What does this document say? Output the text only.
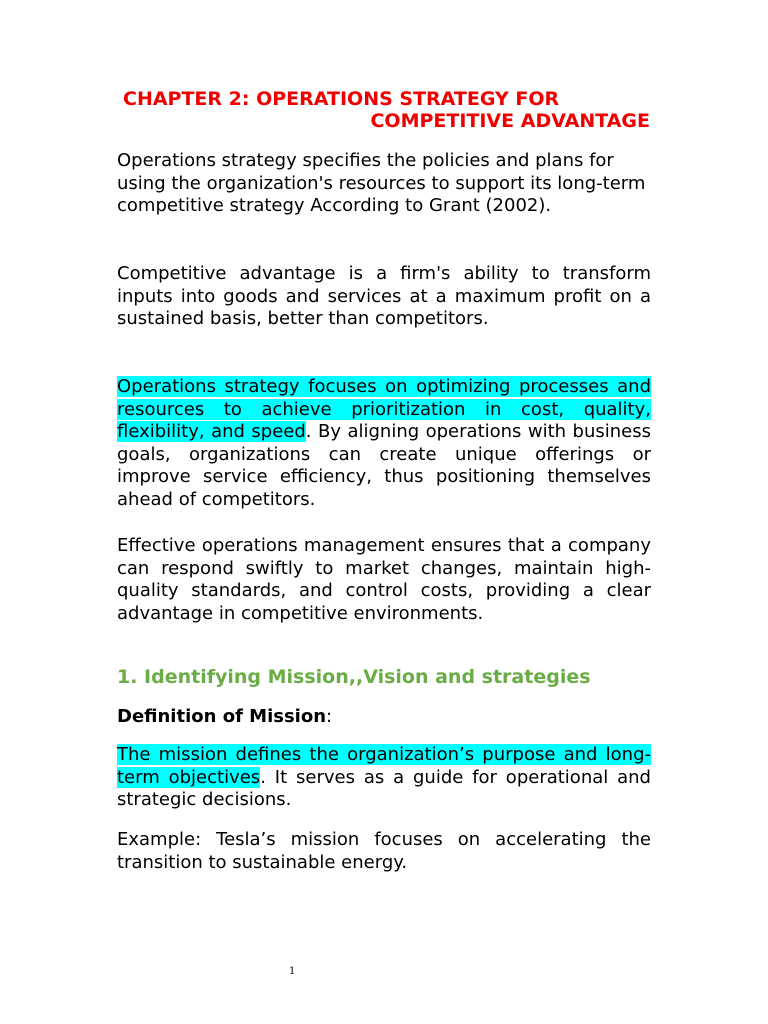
CHAPTER 2: OPERATIONS STRATEGY FOR
COMPETITIVE ADVANTAGE

Operations strategy specifies the policies and plans for using the organization's resources to support its long-term competitive strategy According to Grant (2002).

Competitive advantage is a firm's ability to transform inputs into goods and services at a maximum profit on a sustained basis, better than competitors.

Operations strategy focuses on optimizing processes and resources to achieve prioritization in cost, quality, flexibility, and speed. By aligning operations with business goals, organizations can create unique offerings or improve service efficiency, thus positioning themselves ahead of competitors.

Effective operations management ensures that a company can respond swiftly to market changes, maintain high-quality standards, and control costs, providing a clear advantage in competitive environments.

1. Identifying Mission,,Vision and strategies
Definition of Mission:

The mission defines the organization’s purpose and long-term objectives. It serves as a guide for operational and strategic decisions.

Example: Tesla’s mission focuses on accelerating the transition to sustainable energy.

1
